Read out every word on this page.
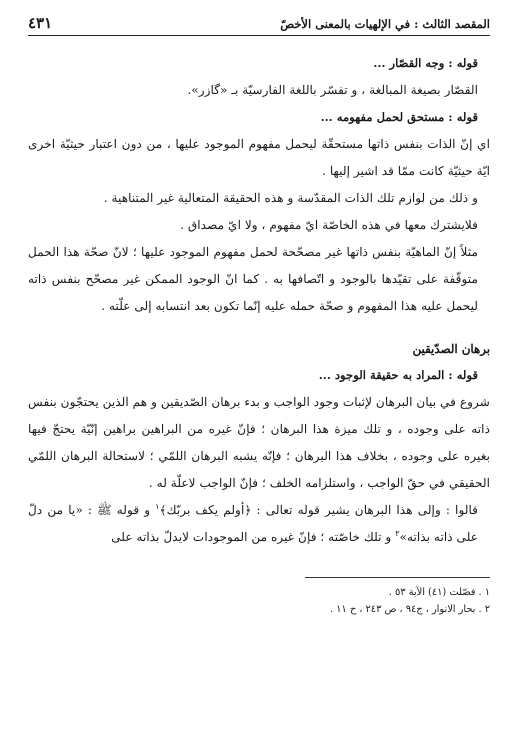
المقصد الثالث : في الإلهيات بالمعنى الأخصّ
٤٣١

قوله : وجه القصّار ...

القصّار بصيغة المبالغة ، و تفسّر باللغة الفارسيّة بـ «گازر».

قوله : مستحق لحمل مفهومه ...

اي إنّ الذات بنفس ذاتها مستحقّة ليحمل مفهوم الموجود عليها ، من دون اعتبار حيثيّة اخرى ايّة حيثيّة كانت ممّا قد اشير إليها .

و ذلك من لوازم تلك الذات المقدّسة و هذه الحقيقة المتعالية غير المتناهية .

فلايشترك معها في هذه الخاصّة ايّ مفهوم ، ولا ايّ مصداق .

مثلاً إنّ الماهيّة بنفس ذاتها غير مصحّحة لحمل مفهوم الموجود عليها ؛ لانّ صحّة هذا الحمل متوقّفة على تقيّدها بالوجود و اتّصافها به . كما انّ الوجود الممكن غير مصحّح بنفس ذاته ليحمل عليه هذا المفهوم و صحّة حمله عليه إنّما تكون بعد انتسابه إلى علّته .

برهان الصدّيقين

قوله : المراد به حقيقة الوجود ...

شروع في بيان البرهان لإثبات وجود الواجب و بدء برهان الصّديقين و هم الذين يحتجّون بنفس ذاته على وجوده ، و تلك ميزة هذا البرهان ؛ فإنّ غيره من البراهين براهين إنّيّة يحتجّ فيها بغيره على وجوده ، بخلاف هذا البرهان ؛ فإنّه يشبه البرهان اللمّي ؛ لاستحالة البرهان اللمّي الحقيقي في حقّ الواجب ، واستلزامه الخلف ؛ فإنّ الواجب لاعلّة له .

قالوا : وإلى هذا البرهان يشير قوله تعالى : ﴿أولم يكف بربّك﴾$^١$ و قوله ﷺ : «يا من دلّ على ذاته بذاته»$^٢$ و تلك خاصّته ؛ فإنّ غيره من الموجودات لايدلّ بذاته على

١ . فصّلت (٤١) الآية ٥٣ .

٢ . بحار الانوار ، ج٩٤ ، ص ٢٤٣ ، ح ١١ .
